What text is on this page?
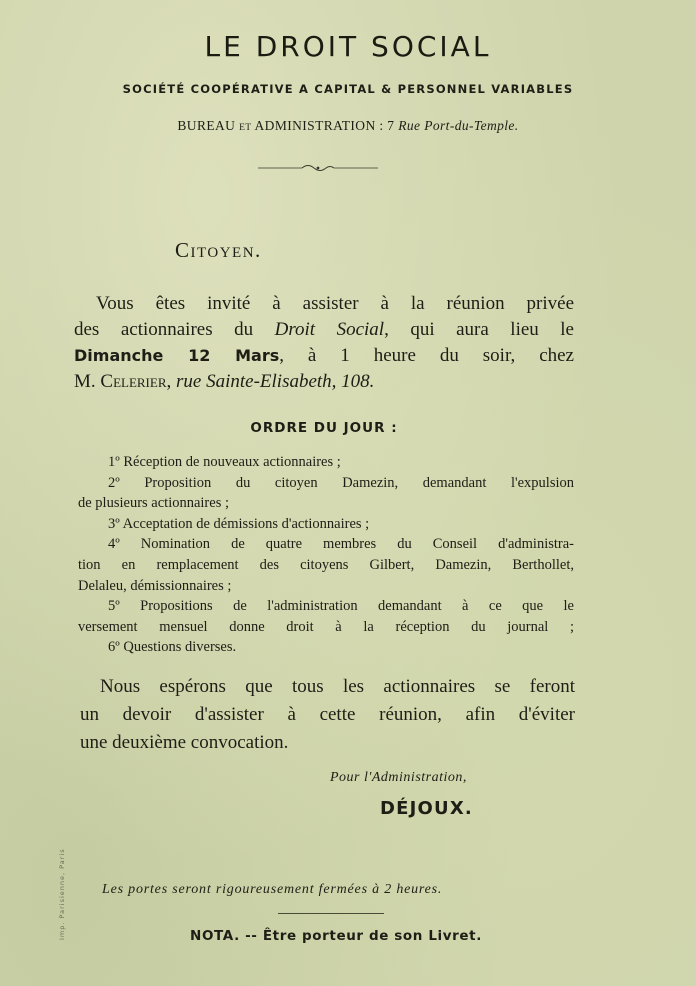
LE DROIT SOCIAL
SOCIÉTÉ COOPÉRATIVE A CAPITAL & PERSONNEL VARIABLES
BUREAU ET ADMINISTRATION : 7 Rue Port-du-Temple.
Citoyen.
Vous êtes invité à assister à la réunion privée
des actionnaires du Droit Social, qui aura lieu le
Dimanche 12 Mars, à 1 heure du soir, chez
M. Celerier, rue Sainte-Elisabeth, 108.
ORDRE DU JOUR :
1º Réception de nouveaux actionnaires ;
2º Proposition du citoyen Damezin, demandant l'expulsion
de plusieurs actionnaires ;
3º Acceptation de démissions d'actionnaires ;
4º Nomination de quatre membres du Conseil d'administra-
tion en remplacement des citoyens Gilbert, Damezin, Berthollet,
Delaleu, démissionnaires ;
5º Propositions de l'administration demandant à ce que le
versement mensuel donne droit à la réception du journal ;
6º Questions diverses.
Nous espérons que tous les actionnaires se feront
un devoir d'assister à cette réunion, afin d'éviter
une deuxième convocation.
Pour l'Administration,
DÉJOUX.
Les portes seront rigoureusement fermées à 2 heures.
NOTA. -- Être porteur de son Livret.
Imp. Parisienne, Paris
